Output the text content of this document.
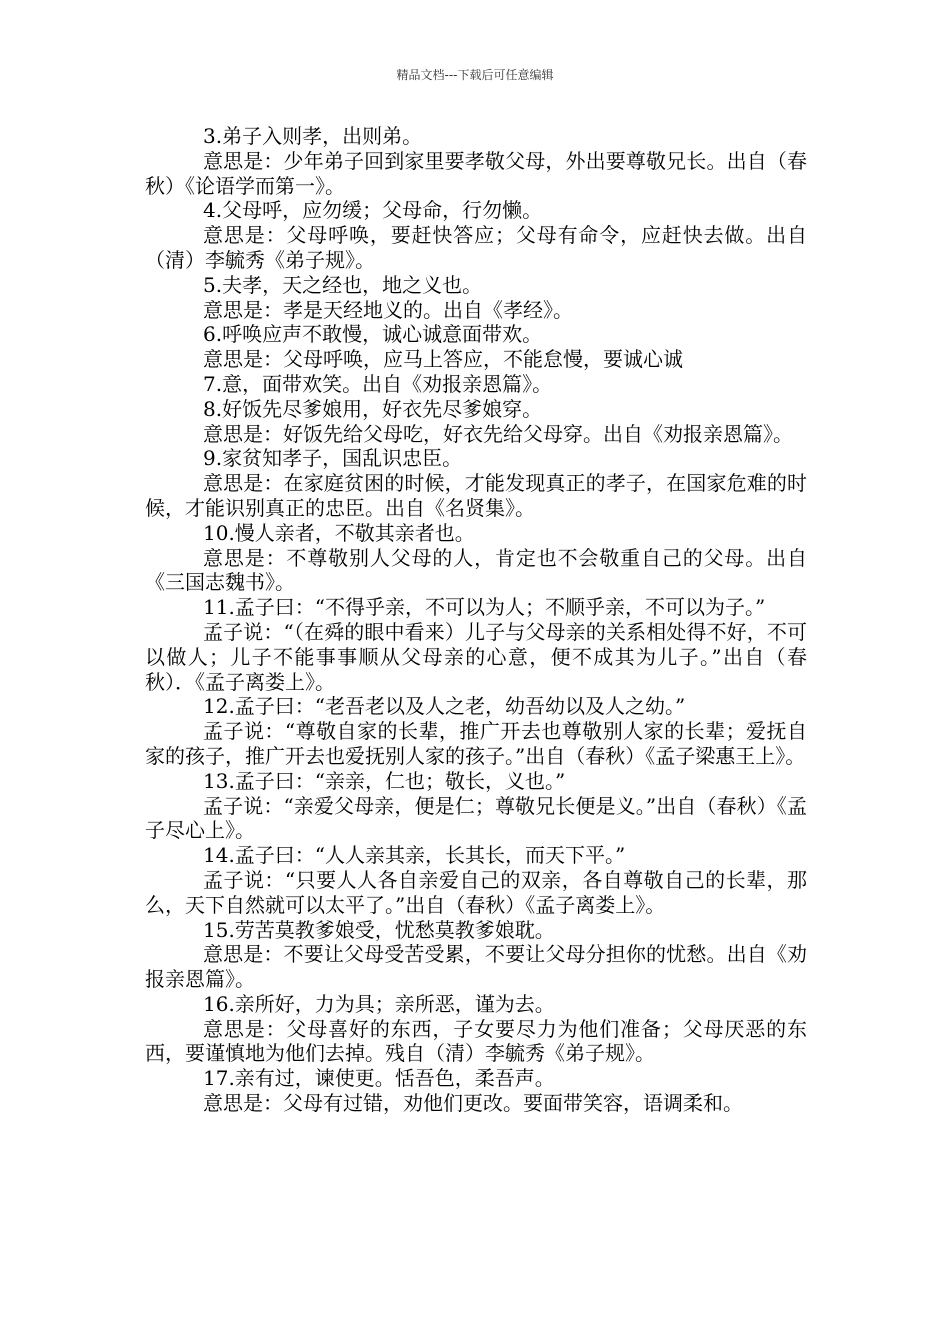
精品文档---下载后可任意编辑

3.弟子入则孝，出则弟。

意思是：少年弟子回到家里要孝敬父母，外出要尊敬兄长。出自（春秋）《论语学而第一》。

4.父母呼，应勿缓；父母命，行勿懒。

意思是：父母呼唤，要赶快答应；父母有命令，应赶快去做。出自（清）李毓秀《弟子规》。

5.夫孝，天之经也，地之义也。

意思是：孝是天经地义的。出自《孝经》。

6.呼唤应声不敢慢，诚心诚意面带欢。

意思是：父母呼唤，应马上答应，不能怠慢，要诚心诚

7.意，面带欢笑。出自《劝报亲恩篇》。

8.好饭先尽爹娘用，好衣先尽爹娘穿。

意思是：好饭先给父母吃，好衣先给父母穿。出自《劝报亲恩篇》。

9.家贫知孝子，国乱识忠臣。

意思是：在家庭贫困的时候，才能发现真正的孝子，在国家危难的时候，才能识别真正的忠臣。出自《名贤集》。

10.慢人亲者，不敬其亲者也。

意思是：不尊敬别人父母的人，肯定也不会敬重自己的父母。出自《三国志魏书》。

11.孟子曰：“不得乎亲，不可以为人；不顺乎亲，不可以为子。”

孟子说：“（在舜的眼中看来）儿子与父母亲的关系相处得不好，不可以做人；儿子不能事事顺从父母亲的心意，便不成其为儿子。”出自（春秋）．《孟子离娄上》。

12.孟子曰：“老吾老以及人之老，幼吾幼以及人之幼。”

孟子说：“尊敬自家的长辈，推广开去也尊敬别人家的长辈；爱抚自家的孩子，推广开去也爱抚别人家的孩子。”出自（春秋）《孟子梁惠王上》。

13.孟子曰：“亲亲，仁也；敬长，义也。”

孟子说：“亲爱父母亲，便是仁；尊敬兄长便是义。”出自（春秋）《孟子尽心上》。

14.孟子曰：“人人亲其亲，长其长，而天下平。”

孟子说：“只要人人各自亲爱自己的双亲，各自尊敬自己的长辈，那么，天下自然就可以太平了。”出自（春秋）《孟子离娄上》。

15.劳苦莫教爹娘受，忧愁莫教爹娘耽。

意思是：不要让父母受苦受累，不要让父母分担你的忧愁。出自《劝报亲恩篇》。

16.亲所好，力为具；亲所恶，谨为去。

意思是：父母喜好的东西，子女要尽力为他们准备；父母厌恶的东西，要谨慎地为他们去掉。残自（清）李毓秀《弟子规》。

17.亲有过，谏使更。恬吾色，柔吾声。

意思是：父母有过错，劝他们更改。要面带笑容，语调柔和。
